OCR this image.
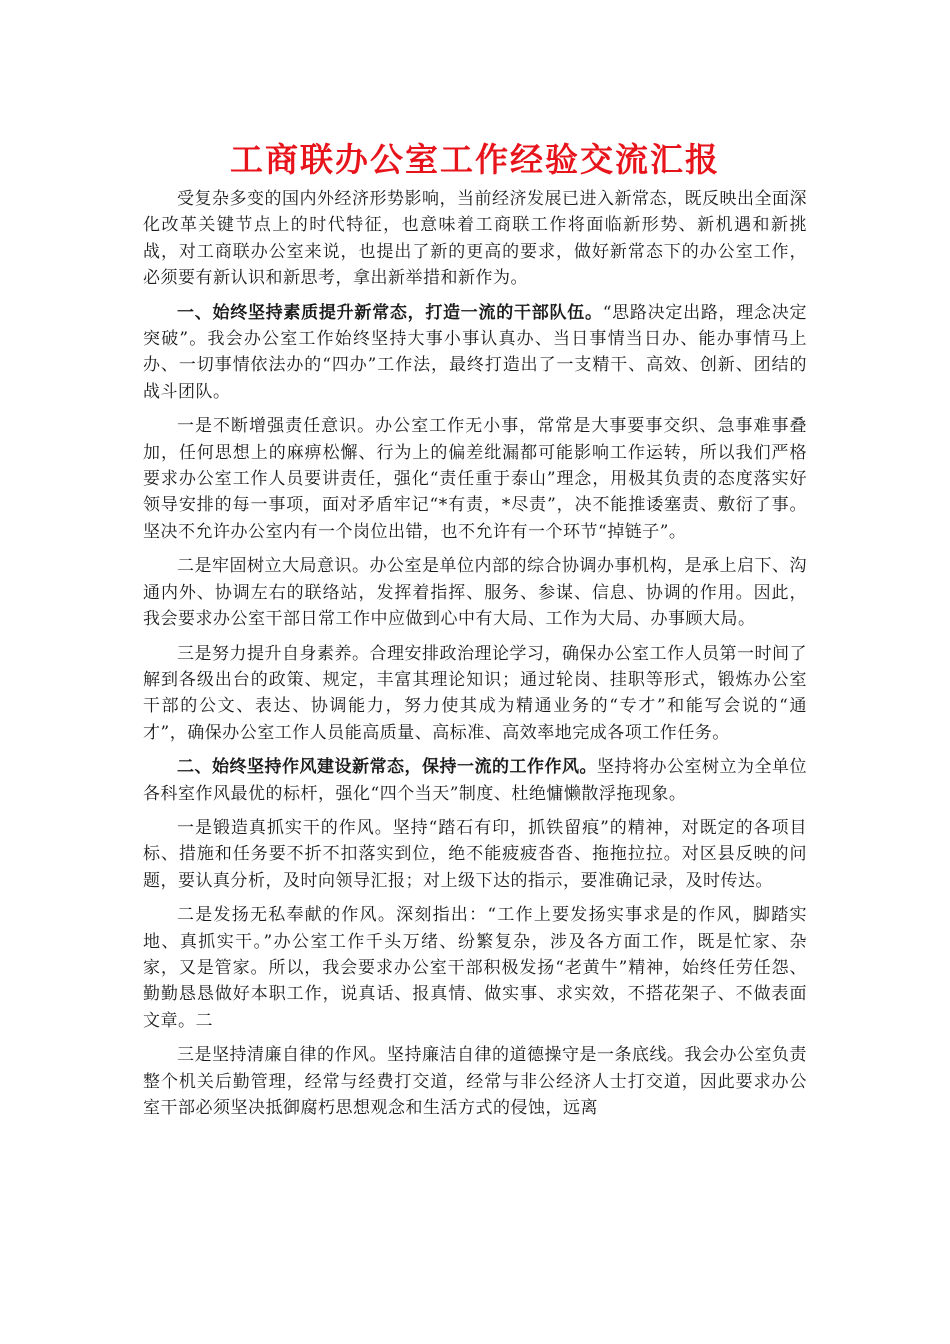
工商联办公室工作经验交流汇报

受复杂多变的国内外经济形势影响，当前经济发展已进入新常态，既反映出全面深化改革关键节点上的时代特征，也意味着工商联工作将面临新形势、新机遇和新挑战，对工商联办公室来说，也提出了新的更高的要求，做好新常态下的办公室工作，必须要有新认识和新思考，拿出新举措和新作为。

一、始终坚持素质提升新常态，打造一流的干部队伍。“思路决定出路，理念决定突破”。我会办公室工作始终坚持大事小事认真办、当日事情当日办、能办事情马上办、一切事情依法办的“四办”工作法，最终打造出了一支精干、高效、创新、团结的战斗团队。

一是不断增强责任意识。办公室工作无小事，常常是大事要事交织、急事难事叠加，任何思想上的麻痹松懈、行为上的偏差纰漏都可能影响工作运转，所以我们严格要求办公室工作人员要讲责任，强化“责任重于泰山”理念，用极其负责的态度落实好领导安排的每一事项，面对矛盾牢记“*有责，*尽责”，决不能推诿塞责、敷衍了事。坚决不允许办公室内有一个岗位出错，也不允许有一个环节“掉链子”。

二是牢固树立大局意识。办公室是单位内部的综合协调办事机构，是承上启下、沟通内外、协调左右的联络站，发挥着指挥、服务、参谋、信息、协调的作用。因此，我会要求办公室干部日常工作中应做到心中有大局、工作为大局、办事顾大局。

三是努力提升自身素养。合理安排政治理论学习，确保办公室工作人员第一时间了解到各级出台的政策、规定，丰富其理论知识；通过轮岗、挂职等形式，锻炼办公室干部的公文、表达、协调能力，努力使其成为精通业务的“专才”和能写会说的“通才”，确保办公室工作人员能高质量、高标准、高效率地完成各项工作任务。

二、始终坚持作风建设新常态，保持一流的工作作风。坚持将办公室树立为全单位各科室作风最优的标杆，强化“四个当天”制度、杜绝慵懒散浮拖现象。

一是锻造真抓实干的作风。坚持“踏石有印，抓铁留痕”的精神，对既定的各项目标、措施和任务要不折不扣落实到位，绝不能疲疲沓沓、拖拖拉拉。对区县反映的问题，要认真分析，及时向领导汇报；对上级下达的指示，要准确记录，及时传达。

二是发扬无私奉献的作风。深刻指出：“工作上要发扬实事求是的作风，脚踏实地、真抓实干。”办公室工作千头万绪、纷繁复杂，涉及各方面工作，既是忙家、杂家，又是管家。所以，我会要求办公室干部积极发扬“老黄牛”精神，始终任劳任怨、勤勤恳恳做好本职工作，说真话、报真情、做实事、求实效，不搭花架子、不做表面文章。二

三是坚持清廉自律的作风。坚持廉洁自律的道德操守是一条底线。我会办公室负责整个机关后勤管理，经常与经费打交道，经常与非公经济人士打交道，因此要求办公室干部必须坚决抵御腐朽思想观念和生活方式的侵蚀，远离
